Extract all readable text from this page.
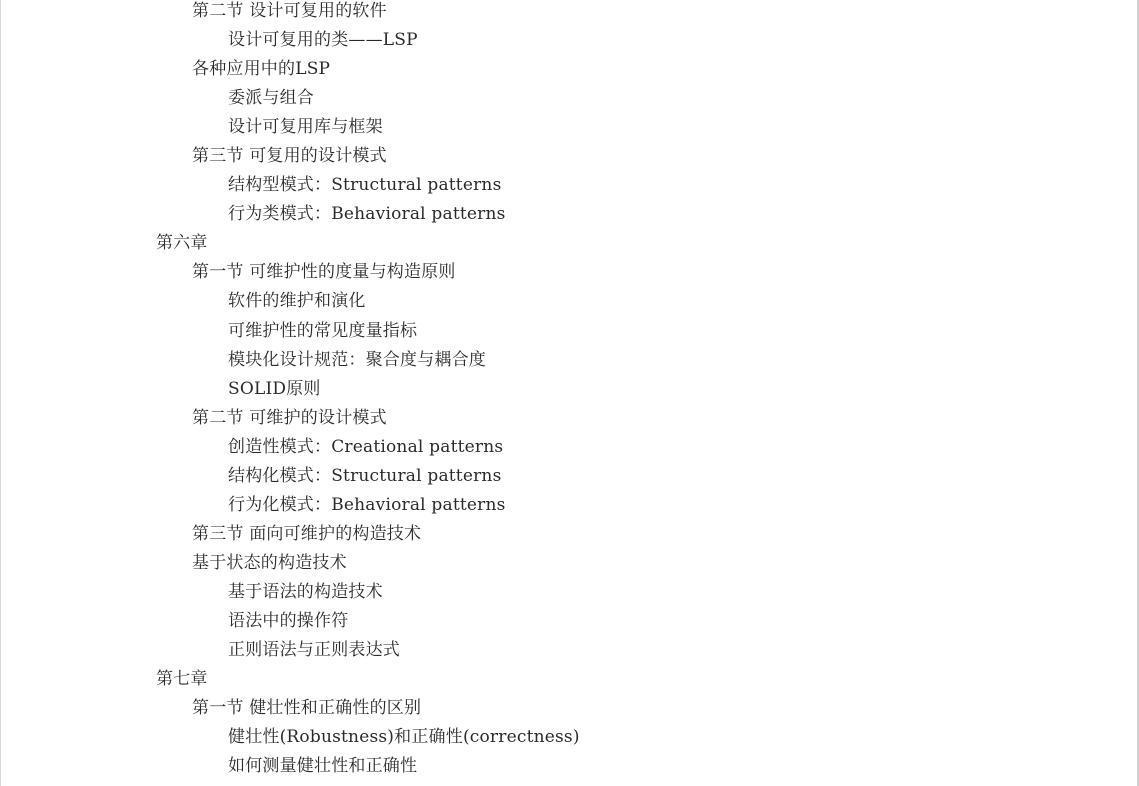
第二节 设计可复用的软件
设计可复用的类——LSP
各种应用中的LSP
委派与组合
设计可复用库与框架
第三节 可复用的设计模式
结构型模式：Structural patterns
行为类模式：Behavioral patterns
第六章
第一节 可维护性的度量与构造原则
软件的维护和演化
可维护性的常见度量指标
模块化设计规范：聚合度与耦合度
SOLID原则
第二节 可维护的设计模式
创造性模式：Creational patterns
结构化模式：Structural patterns
行为化模式：Behavioral patterns
第三节 面向可维护的构造技术
基于状态的构造技术
基于语法的构造技术
语法中的操作符
正则语法与正则表达式
第七章
第一节 健壮性和正确性的区别
健壮性(Robustness)和正确性(correctness)
如何测量健壮性和正确性
